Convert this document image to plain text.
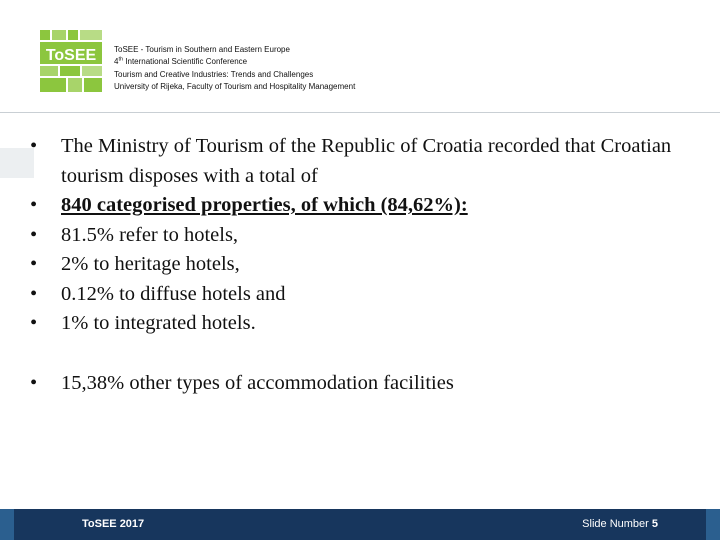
ToSEE ToSEE - Tourism in Southern and Eastern Europe
4th International Scientific Conference
Tourism and Creative Industries: Trends and Challenges
University of Rijeka, Faculty of Tourism and Hospitality Management
•	The Ministry of Tourism of the Republic of Croatia recorded that Croatian tourism disposes with a total of
•	840 categorised properties, of which (84,62%):
•	81.5% refer to hotels,
•	2% to heritage hotels,
•	0.12% to diffuse hotels and
•	1% to integrated hotels.
•	15,38% other types of accommodation facilities
ToSEE 2017	Slide Number 5
